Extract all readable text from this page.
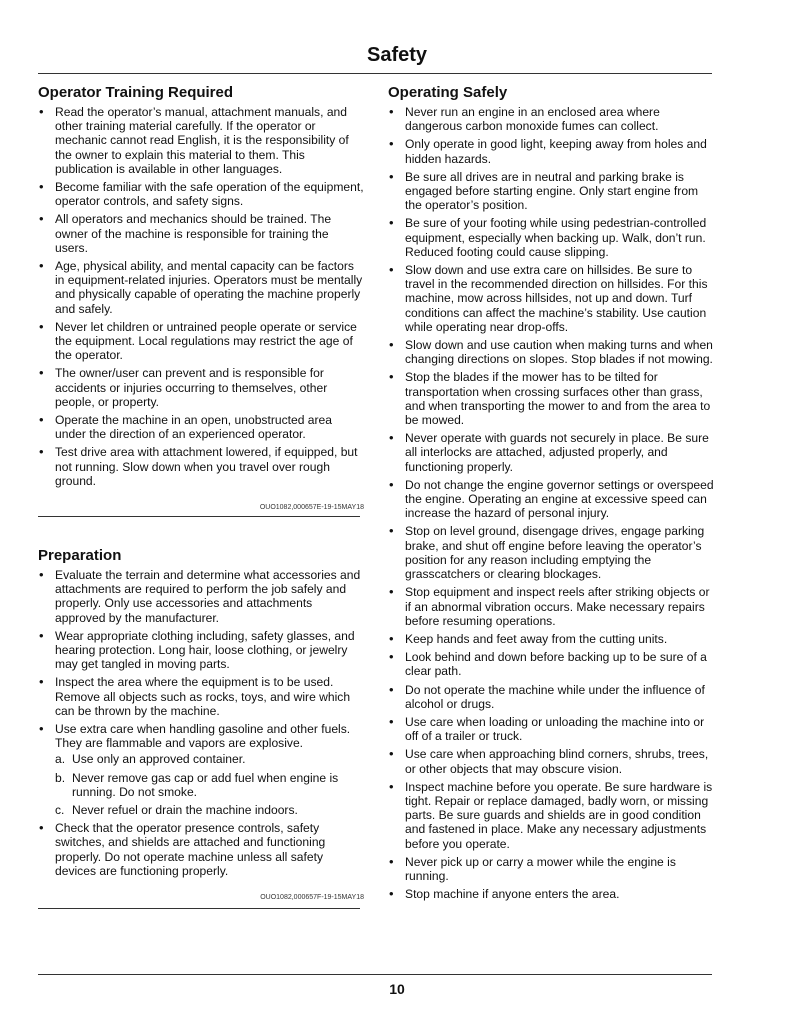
Safety
Operator Training Required
• Read the operator’s manual, attachment manuals, and other training material carefully. If the operator or mechanic cannot read English, it is the responsibility of the owner to explain this material to them. This publication is available in other languages.
• Become familiar with the safe operation of the equipment, operator controls, and safety signs.
• All operators and mechanics should be trained. The owner of the machine is responsible for training the users.
• Age, physical ability, and mental capacity can be factors in equipment-related injuries. Operators must be mentally and physically capable of operating the machine properly and safely.
• Never let children or untrained people operate or service the equipment. Local regulations may restrict the age of the operator.
• The owner/user can prevent and is responsible for accidents or injuries occurring to themselves, other people, or property.
• Operate the machine in an open, unobstructed area under the direction of an experienced operator.
• Test drive area with attachment lowered, if equipped, but not running. Slow down when you travel over rough ground.
OUO1082,000657E-19-15MAY18
Preparation
• Evaluate the terrain and determine what accessories and attachments are required to perform the job safely and properly. Only use accessories and attachments approved by the manufacturer.
• Wear appropriate clothing including, safety glasses, and hearing protection. Long hair, loose clothing, or jewelry may get tangled in moving parts.
• Inspect the area where the equipment is to be used. Remove all objects such as rocks, toys, and wire which can be thrown by the machine.
• Use extra care when handling gasoline and other fuels. They are flammable and vapors are explosive.
a. Use only an approved container.
b. Never remove gas cap or add fuel when engine is running. Do not smoke.
c. Never refuel or drain the machine indoors.
• Check that the operator presence controls, safety switches, and shields are attached and functioning properly. Do not operate machine unless all safety devices are functioning properly.
OUO1082,000657F-19-15MAY18
Operating Safely
• Never run an engine in an enclosed area where dangerous carbon monoxide fumes can collect.
• Only operate in good light, keeping away from holes and hidden hazards.
• Be sure all drives are in neutral and parking brake is engaged before starting engine. Only start engine from the operator’s position.
• Be sure of your footing while using pedestrian-controlled equipment, especially when backing up. Walk, don’t run. Reduced footing could cause slipping.
• Slow down and use extra care on hillsides. Be sure to travel in the recommended direction on hillsides. For this machine, mow across hillsides, not up and down. Turf conditions can affect the machine’s stability. Use caution while operating near drop-offs.
• Slow down and use caution when making turns and when changing directions on slopes. Stop blades if not mowing.
• Stop the blades if the mower has to be tilted for transportation when crossing surfaces other than grass, and when transporting the mower to and from the area to be mowed.
• Never operate with guards not securely in place. Be sure all interlocks are attached, adjusted properly, and functioning properly.
• Do not change the engine governor settings or overspeed the engine. Operating an engine at excessive speed can increase the hazard of personal injury.
• Stop on level ground, disengage drives, engage parking brake, and shut off engine before leaving the operator’s position for any reason including emptying the grasscatchers or clearing blockages.
• Stop equipment and inspect reels after striking objects or if an abnormal vibration occurs. Make necessary repairs before resuming operations.
• Keep hands and feet away from the cutting units.
• Look behind and down before backing up to be sure of a clear path.
• Do not operate the machine while under the influence of alcohol or drugs.
• Use care when loading or unloading the machine into or off of a trailer or truck.
• Use care when approaching blind corners, shrubs, trees, or other objects that may obscure vision.
• Inspect machine before you operate. Be sure hardware is tight. Repair or replace damaged, badly worn, or missing parts. Be sure guards and shields are in good condition and fastened in place. Make any necessary adjustments before you operate.
• Never pick up or carry a mower while the engine is running.
• Stop machine if anyone enters the area.
10
